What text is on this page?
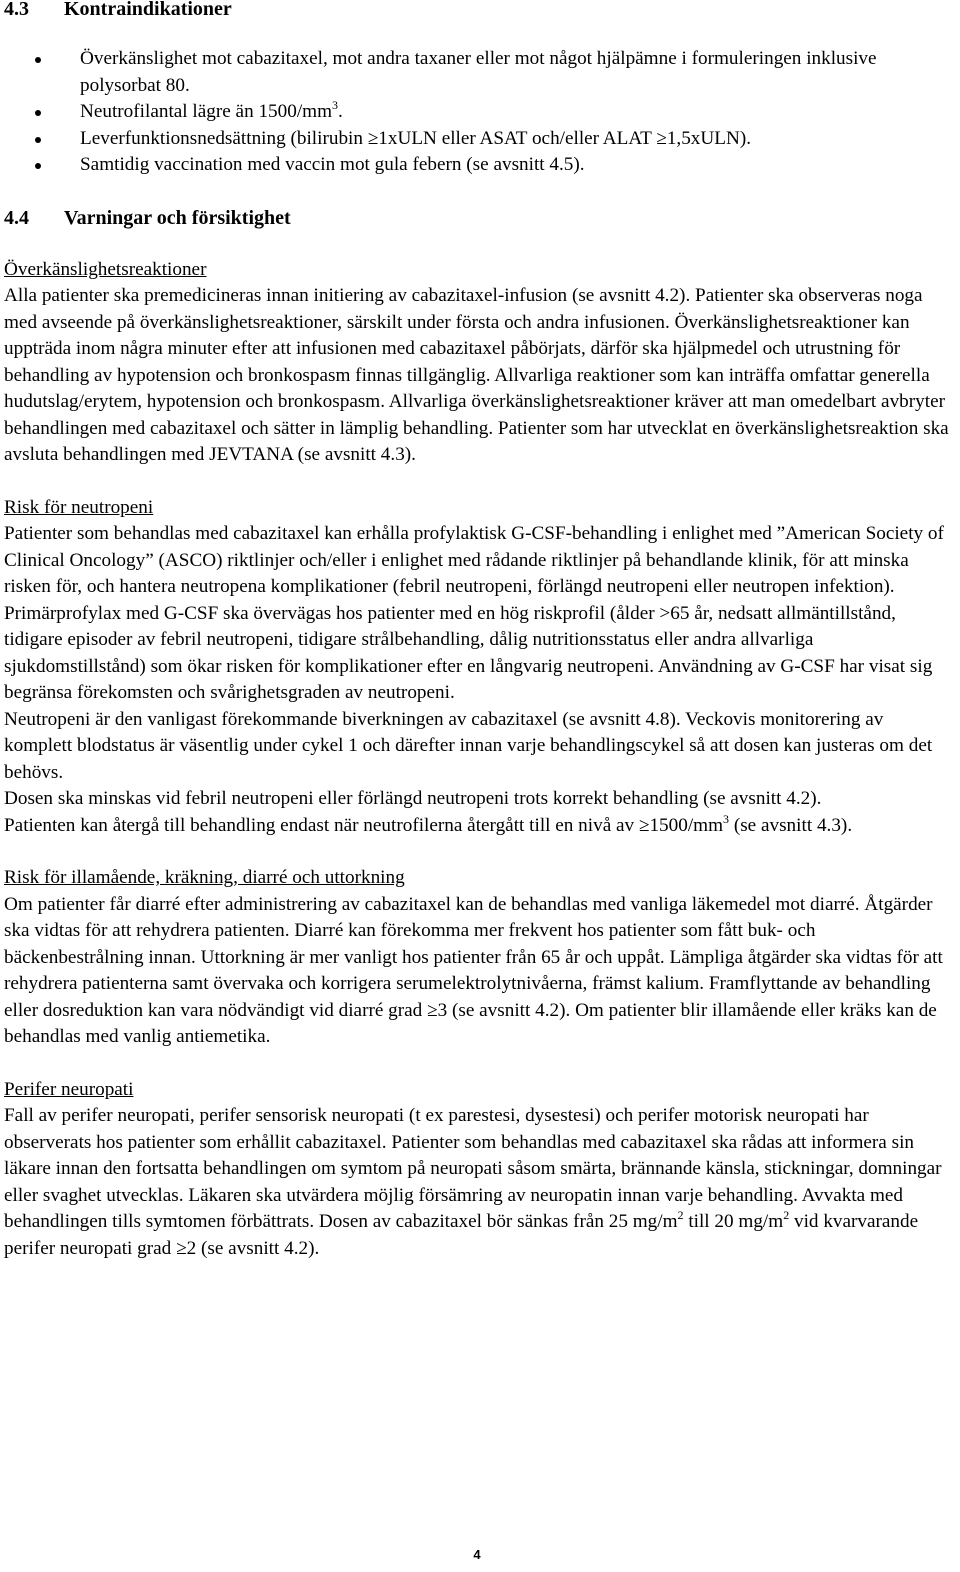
4.3 Kontraindikationer

Överkänslighet mot cabazitaxel, mot andra taxaner eller mot något hjälpämne i formuleringen inklusive polysorbat 80.
Neutrofilantal lägre än $1500/mm^3$.
Leverfunktionsnedsättning (bilirubin ≥1xULN eller ASAT och/eller ALAT ≥1,5xULN).
Samtidig vaccination med vaccin mot gula febern (se avsnitt 4.5).

4.4 Varningar och försiktighet

Överkänslighetsreaktioner

Alla patienter ska premedicineras innan initiering av cabazitaxel-infusion (se avsnitt 4.2). Patienter ska observeras noga med avseende på överkänslighetsreaktioner, särskilt under första och andra infusionen. Överkänslighetsreaktioner kan uppträda inom några minuter efter att infusionen med cabazitaxel påbörjats, därför ska hjälpmedel och utrustning för behandling av hypotension och bronkospasm finnas tillgänglig. Allvarliga reaktioner som kan inträffa omfattar generella hudutslag/erytem, hypotension och bronkospasm. Allvarliga överkänslighetsreaktioner kräver att man omedelbart avbryter behandlingen med cabazitaxel och sätter in lämplig behandling. Patienter som har utvecklat en överkänslighetsreaktion ska avsluta behandlingen med JEVTANA (se avsnitt 4.3).

Risk för neutropeni

Patienter som behandlas med cabazitaxel kan erhålla profylaktisk G-CSF-behandling i enlighet med ”American Society of Clinical Oncology” (ASCO) riktlinjer och/eller i enlighet med rådande riktlinjer på behandlande klinik, för att minska risken för, och hantera neutropena komplikationer (febril neutropeni, förlängd neutropeni eller neutropen infektion). Primärprofylax med G-CSF ska övervägas hos patienter med en hög riskprofil (ålder >65 år, nedsatt allmäntillstånd, tidigare episoder av febril neutropeni, tidigare strålbehandling, dålig nutritionsstatus eller andra allvarliga sjukdomstillstånd) som ökar risken för komplikationer efter en långvarig neutropeni. Användning av G-CSF har visat sig begränsa förekomsten och svårighetsgraden av neutropeni.

Neutropeni är den vanligast förekommande biverkningen av cabazitaxel (se avsnitt 4.8). Veckovis monitorering av komplett blodstatus är väsentlig under cykel 1 och därefter innan varje behandlingscykel så att dosen kan justeras om det behövs.

Dosen ska minskas vid febril neutropeni eller förlängd neutropeni trots korrekt behandling (se avsnitt 4.2).

Patienten kan återgå till behandling endast när neutrofilerna återgått till en nivå av $\ge 1500/mm^3$ (se avsnitt 4.3).

Risk för illamående, kräkning, diarré och uttorkning

Om patienter får diarré efter administrering av cabazitaxel kan de behandlas med vanliga läkemedel mot diarré. Åtgärder ska vidtas för att rehydrera patienten. Diarré kan förekomma mer frekvent hos patienter som fått buk- och bäckenbestrålning innan. Uttorkning är mer vanligt hos patienter från 65 år och uppåt. Lämpliga åtgärder ska vidtas för att rehydrera patienterna samt övervaka och korrigera serumelektrolytnivåerna, främst kalium. Framflyttande av behandling eller dosreduktion kan vara nödvändigt vid diarré grad ≥3 (se avsnitt 4.2). Om patienter blir illamående eller kräks kan de behandlas med vanlig antiemetika.

Perifer neuropati

Fall av perifer neuropati, perifer sensorisk neuropati (t ex parestesi, dysestesi) och perifer motorisk neuropati har observerats hos patienter som erhållit cabazitaxel. Patienter som behandlas med cabazitaxel ska rådas att informera sin läkare innan den fortsatta behandlingen om symtom på neuropati såsom smärta, brännande känsla, stickningar, domningar eller svaghet utvecklas. Läkaren ska utvärdera möjlig försämring av neuropatin innan varje behandling. Avvakta med behandlingen tills symtomen förbättrats. Dosen av cabazitaxel bör sänkas från 25 $mg/m^2$ till 20 $mg/m^2$ vid kvarvarande perifer neuropati grad ≥2 (se avsnitt 4.2).

4
